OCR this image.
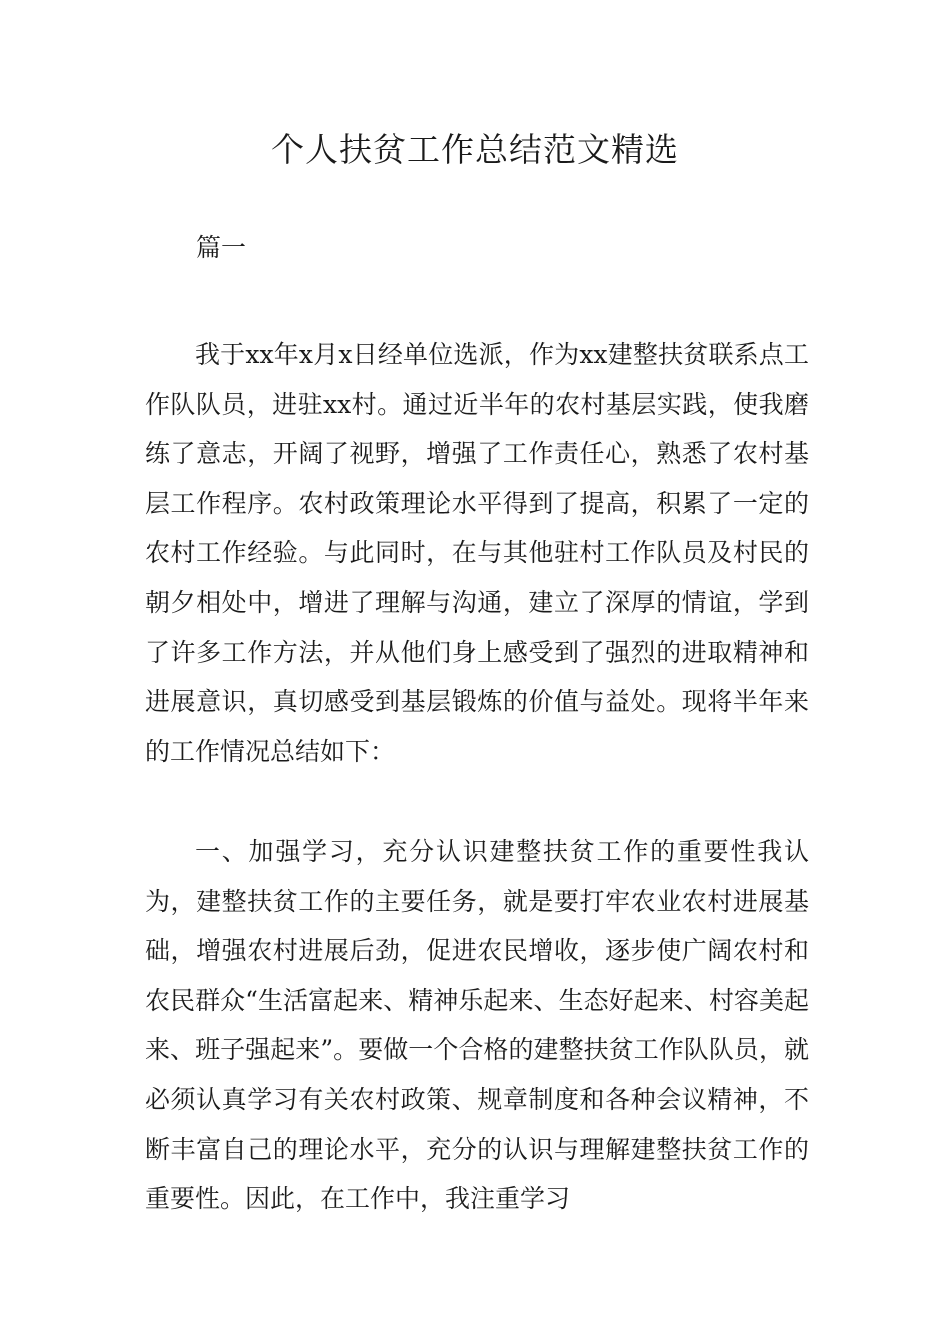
个人扶贫工作总结范文精选

篇一

我于xx年x月x日经单位选派，作为xx建整扶贫联系点工作队队员，进驻xx村。通过近半年的农村基层实践，使我磨练了意志，开阔了视野，增强了工作责任心，熟悉了农村基层工作程序。农村政策理论水平得到了提高，积累了一定的农村工作经验。与此同时，在与其他驻村工作队员及村民的朝夕相处中，增进了理解与沟通，建立了深厚的情谊，学到了许多工作方法，并从他们身上感受到了强烈的进取精神和进展意识，真切感受到基层锻炼的价值与益处。现将半年来的工作情况总结如下：

一、加强学习，充分认识建整扶贫工作的重要性我认为，建整扶贫工作的主要任务，就是要打牢农业农村进展基础，增强农村进展后劲，促进农民增收，逐步使广阔农村和农民群众“生活富起来、精神乐起来、生态好起来、村容美起来、班子强起来”。要做一个合格的建整扶贫工作队队员，就必须认真学习有关农村政策、规章制度和各种会议精神，不断丰富自己的理论水平，充分的认识与理解建整扶贫工作的重要性。因此，在工作中，我注重学习
